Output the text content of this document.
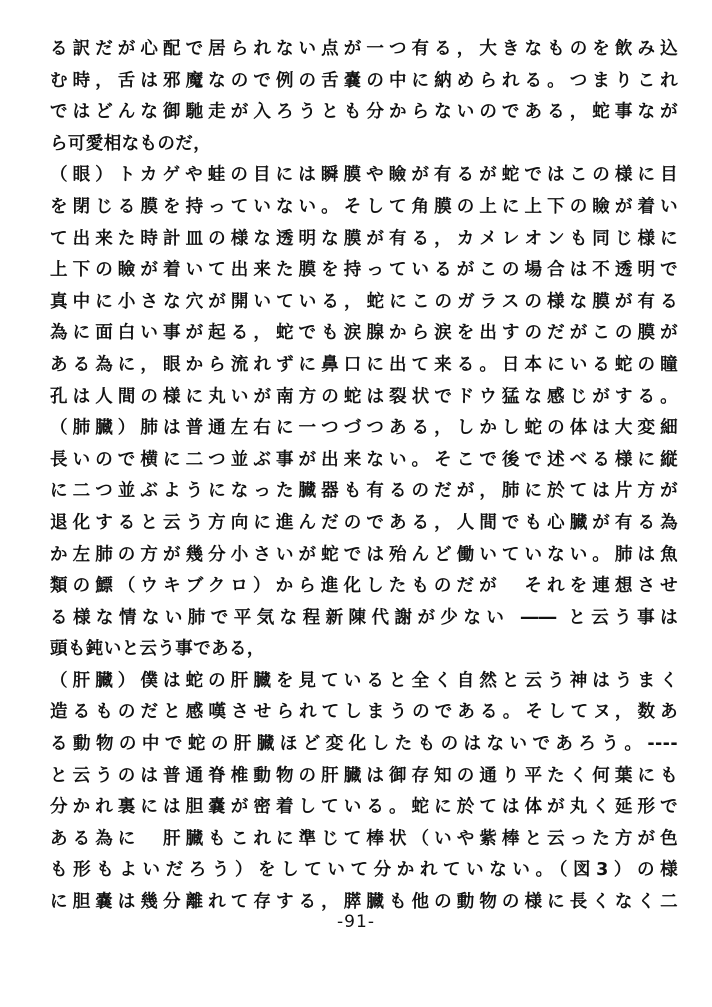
る訳だが心配で居られない点が一つ有る，大きなものを飲み込
む時，舌は邪魔なので例の舌嚢の中に納められる。つまりこれ
ではどんな御馳走が入ろうとも分からないのである，蛇事なが
ら可愛相なものだ，
（眼）トカゲや蛙の目には瞬膜や瞼が有るが蛇ではこの様に目
を閉じる膜を持っていない。そして角膜の上に上下の瞼が着い
て出来た時計皿の様な透明な膜が有る，カメレオンも同じ様に
上下の瞼が着いて出来た膜を持っているがこの場合は不透明で
真中に小さな穴が開いている，蛇にこのガラスの様な膜が有る
為に面白い事が起る，蛇でも涙腺から涙を出すのだがこの膜が
ある為に，眼から流れずに鼻口に出て来る。日本にいる蛇の瞳
孔は人間の様に丸いが南方の蛇は裂状でドウ猛な感じがする。
（肺臓）肺は普通左右に一つづつある，しかし蛇の体は大変細
長いので横に二つ並ぶ事が出来ない。そこで後で述べる様に縦
に二つ並ぶようになった臓器も有るのだが，肺に於ては片方が
退化すると云う方向に進んだのである，人間でも心臓が有る為
か左肺の方が幾分小さいが蛇では殆んど働いていない。肺は魚
類の鰾（ウキブクロ）から進化したものだが　それを連想させ
る様な情ない肺で平気な程新陳代謝が少ない ―― と云う事は
頭も鈍いと云う事である，
（肝臓）僕は蛇の肝臓を見ていると全く自然と云う神はうまく
造るものだと感嘆させられてしまうのである。そしてヌ，数あ
る動物の中で蛇の肝臓ほど変化したものはないであろう。----
と云うのは普通脊椎動物の肝臓は御存知の通り平たく何葉にも
分かれ裏には胆嚢が密着している。蛇に於ては体が丸く延形で
ある為に　肝臓もこれに準じて棒状（いや紫棒と云った方が色
も形もよいだろう）をしていて分かれていない。（図3）の様
に胆嚢は幾分離れて存する，膵臓も他の動物の様に長くなく二
-91-
